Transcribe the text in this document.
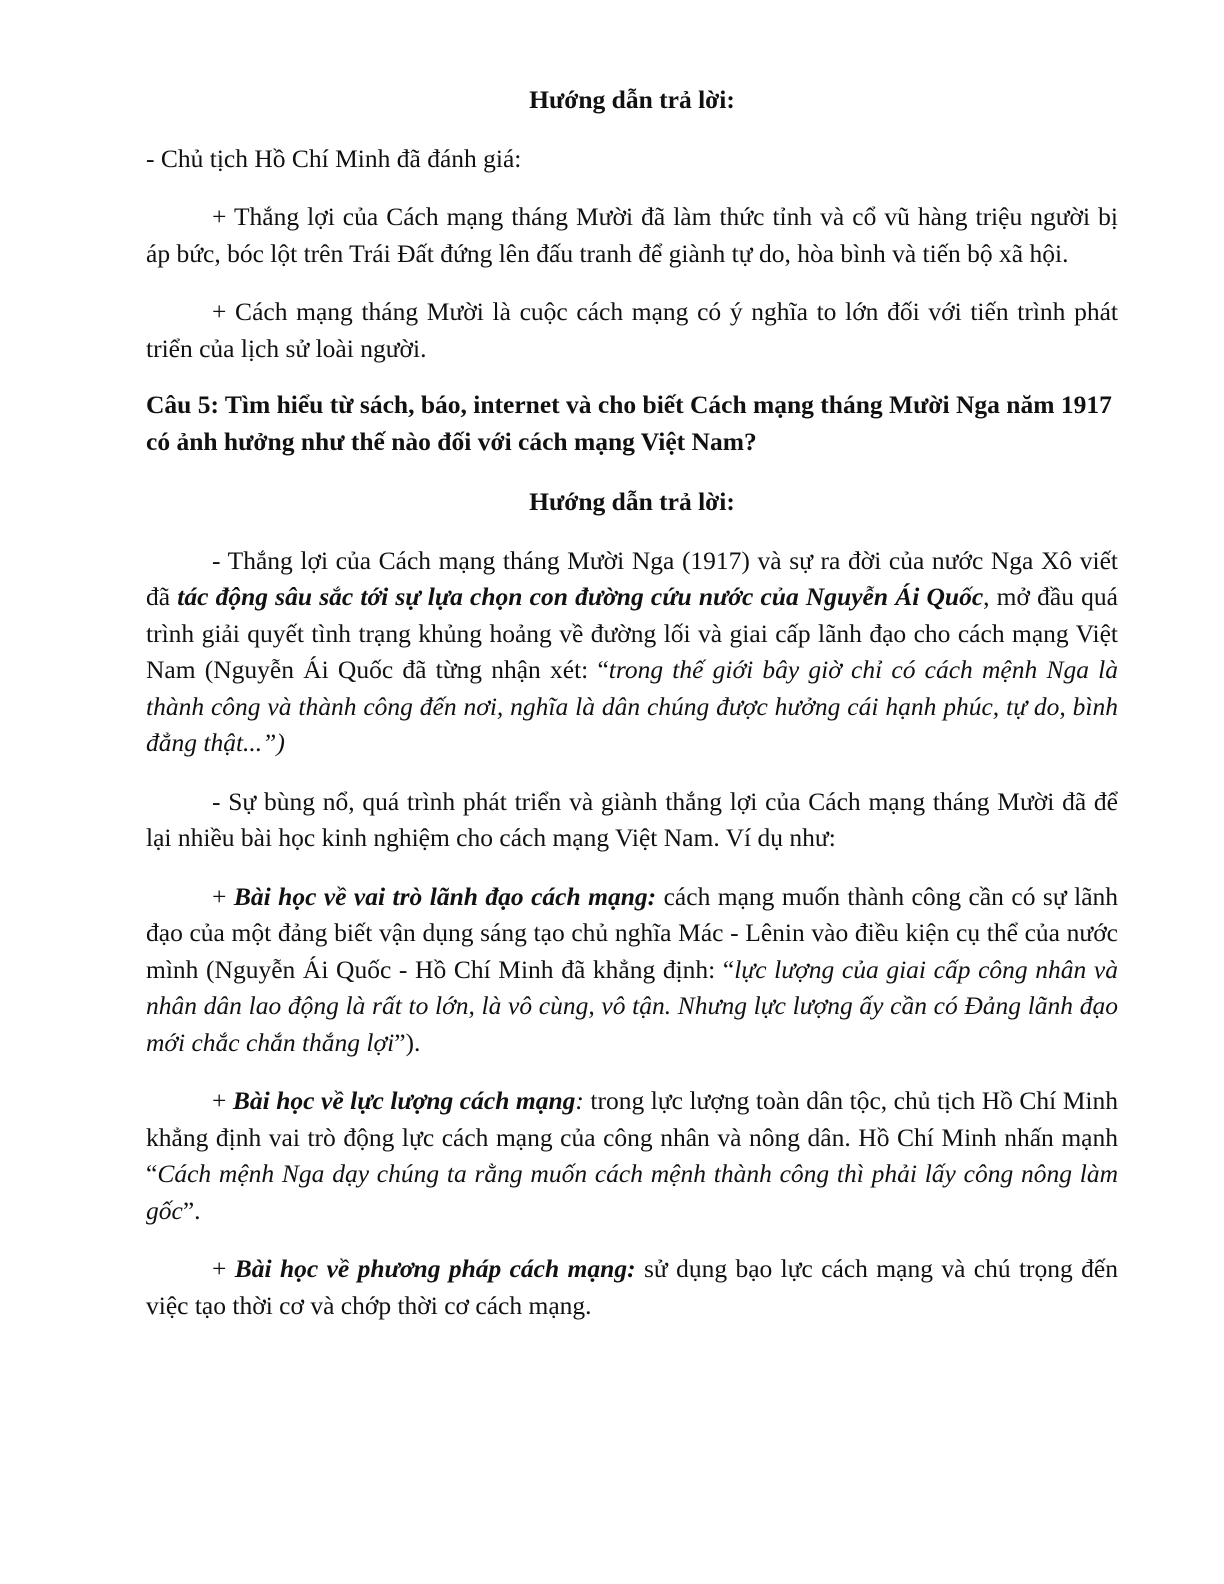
Hướng dẫn trả lời:

- Chủ tịch Hồ Chí Minh đã đánh giá:

+ Thắng lợi của Cách mạng tháng Mười đã làm thức tỉnh và cổ vũ hàng triệu người bị áp bức, bóc lột trên Trái Đất đứng lên đấu tranh để giành tự do, hòa bình và tiến bộ xã hội.

+ Cách mạng tháng Mười là cuộc cách mạng có ý nghĩa to lớn đối với tiến trình phát triển của lịch sử loài người.

Câu 5: Tìm hiểu từ sách, báo, internet và cho biết Cách mạng tháng Mười Nga năm 1917 có ảnh hưởng như thế nào đối với cách mạng Việt Nam?

Hướng dẫn trả lời:

- Thắng lợi của Cách mạng tháng Mười Nga (1917) và sự ra đời của nước Nga Xô viết đã tác động sâu sắc tới sự lựa chọn con đường cứu nước của Nguyễn Ái Quốc, mở đầu quá trình giải quyết tình trạng khủng hoảng về đường lối và giai cấp lãnh đạo cho cách mạng Việt Nam (Nguyễn Ái Quốc đã từng nhận xét: “trong thế giới bây giờ chỉ có cách mệnh Nga là thành công và thành công đến nơi, nghĩa là dân chúng được hưởng cái hạnh phúc, tự do, bình đẳng thật...”)

- Sự bùng nổ, quá trình phát triển và giành thắng lợi của Cách mạng tháng Mười đã để lại nhiều bài học kinh nghiệm cho cách mạng Việt Nam. Ví dụ như:

+ Bài học về vai trò lãnh đạo cách mạng: cách mạng muốn thành công cần có sự lãnh đạo của một đảng biết vận dụng sáng tạo chủ nghĩa Mác - Lênin vào điều kiện cụ thể của nước mình (Nguyễn Ái Quốc - Hồ Chí Minh đã khẳng định: “lực lượng của giai cấp công nhân và nhân dân lao động là rất to lớn, là vô cùng, vô tận. Nhưng lực lượng ấy cần có Đảng lãnh đạo mới chắc chắn thắng lợi”).

+ Bài học về lực lượng cách mạng: trong lực lượng toàn dân tộc, chủ tịch Hồ Chí Minh khẳng định vai trò động lực cách mạng của công nhân và nông dân. Hồ Chí Minh nhấn mạnh “Cách mệnh Nga dạy chúng ta rằng muốn cách mệnh thành công thì phải lấy công nông làm gốc”.

+ Bài học về phương pháp cách mạng: sử dụng bạo lực cách mạng và chú trọng đến việc tạo thời cơ và chớp thời cơ cách mạng.
